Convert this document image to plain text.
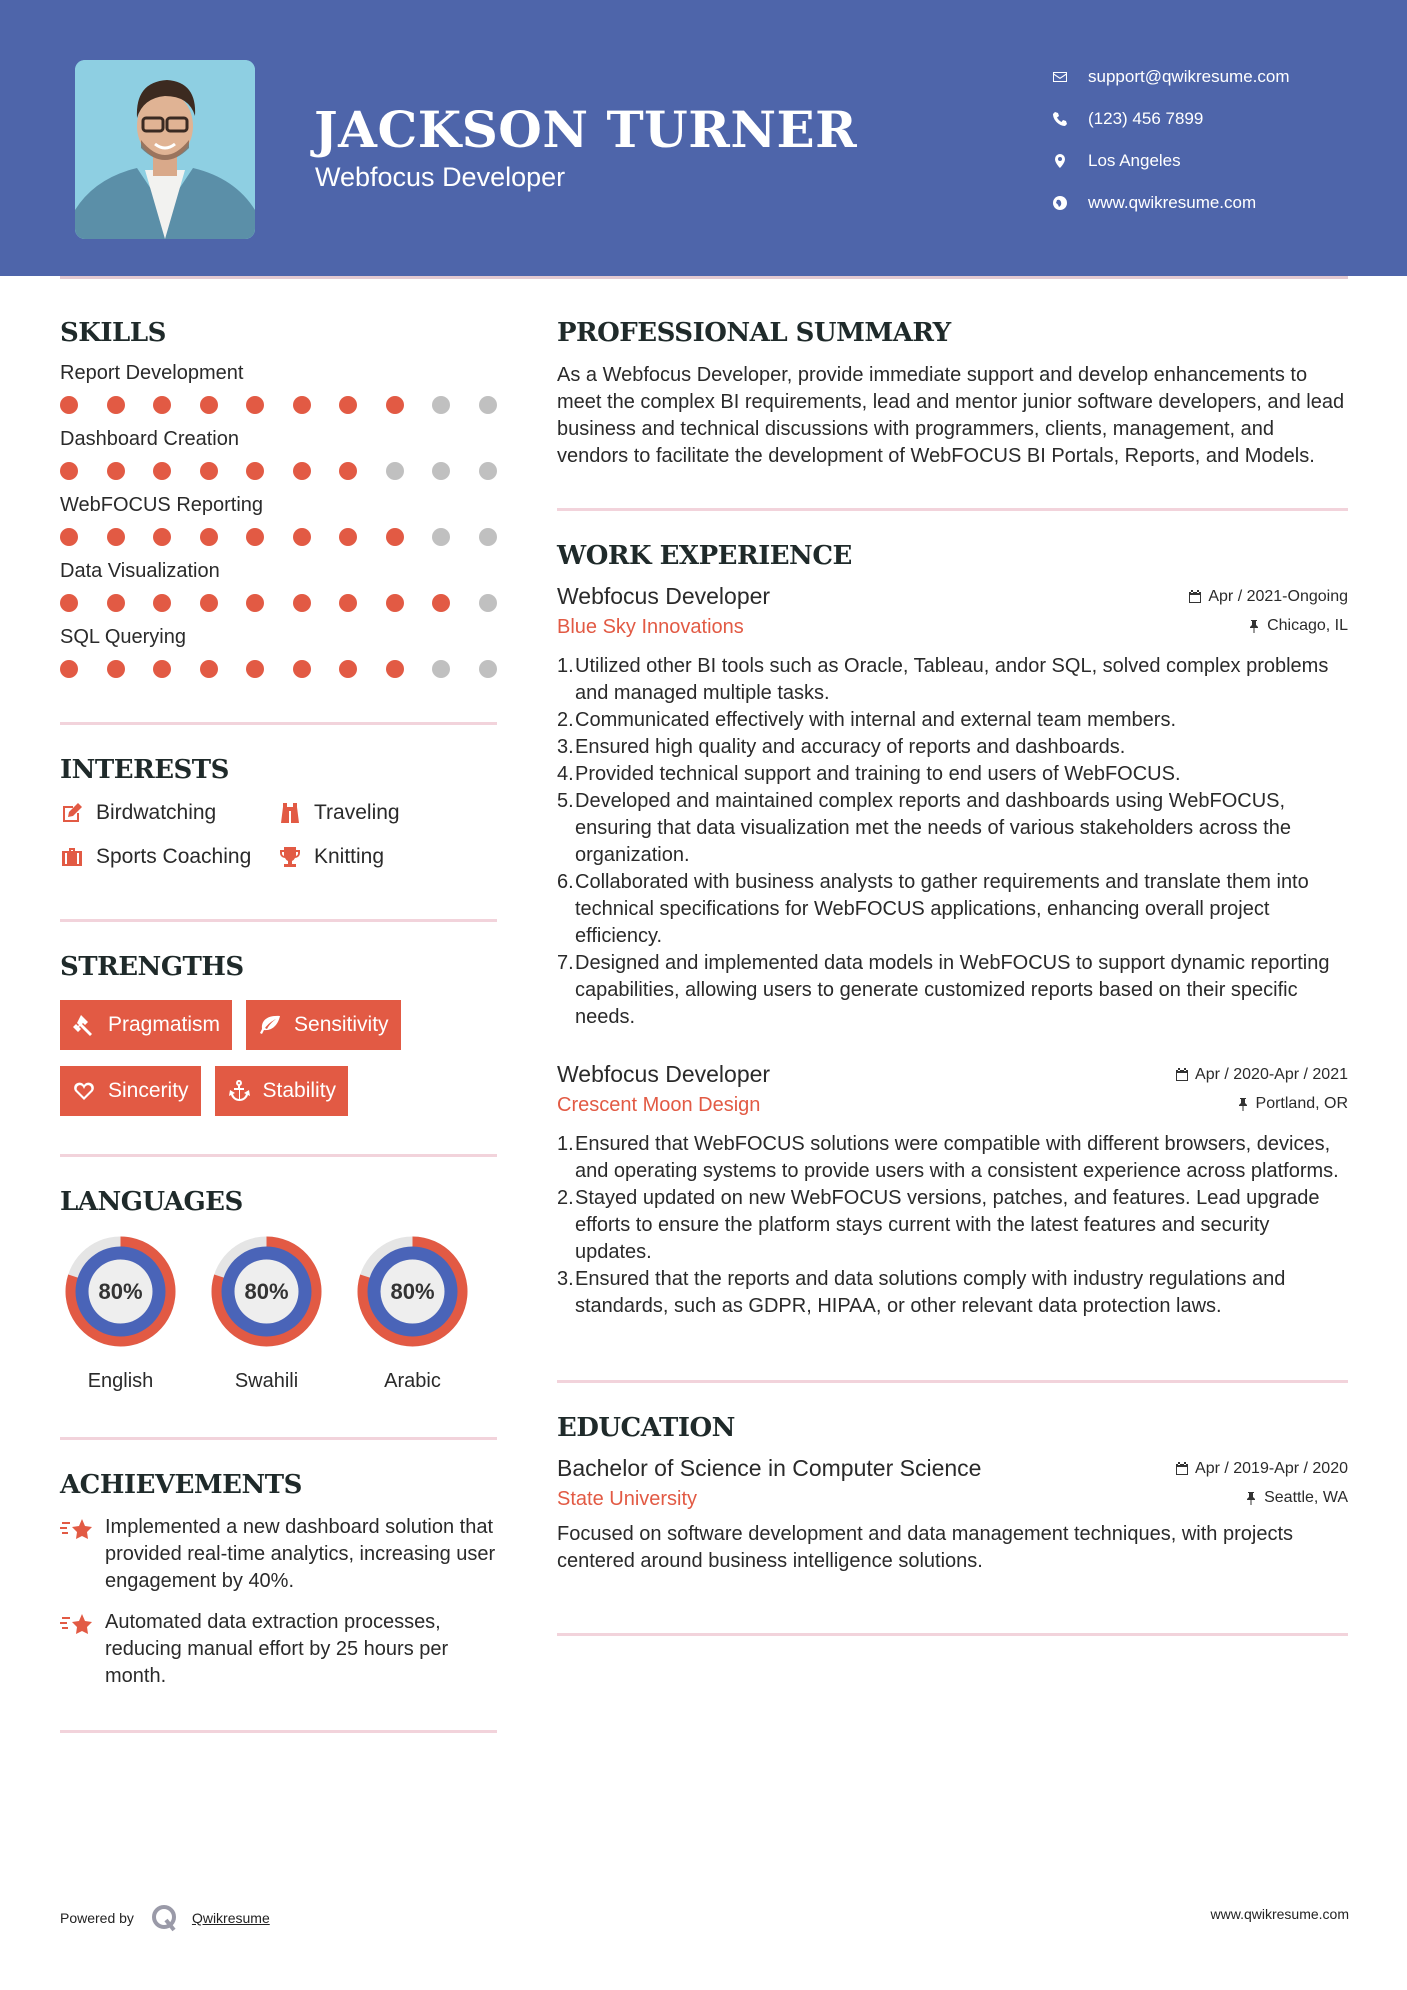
JACKSON TURNER
Webfocus Developer
support@qwikresume.com
(123) 456 7899
Los Angeles
www.qwikresume.com
SKILLS
Report Development
Dashboard Creation
WebFOCUS Reporting
Data Visualization
SQL Querying
INTERESTS
Birdwatching	Traveling
Sports Coaching	Knitting
STRENGTHS
Pragmatism	Sensitivity
Sincerity	Stability
LANGUAGES
80%
English
80%
Swahili
80%
Arabic
ACHIEVEMENTS
Implemented a new dashboard solution that provided real-time analytics, increasing user engagement by 40%.
Automated data extraction processes, reducing manual effort by 25 hours per month.
PROFESSIONAL SUMMARY

As a Webfocus Developer, provide immediate support and develop enhancements to meet the complex BI requirements, lead and mentor junior software developers, and lead business and technical discussions with programmers, clients, management, and vendors to facilitate the development of WebFOCUS BI Portals, Reports, and Models.

WORK EXPERIENCE
Webfocus Developer	Apr / 2021-Ongoing
Blue Sky Innovations	Chicago, IL
Utilized other BI tools such as Oracle, Tableau, andor SQL, solved complex problems and managed multiple tasks.
Communicated effectively with internal and external team members.
Ensured high quality and accuracy of reports and dashboards.
Provided technical support and training to end users of WebFOCUS.
Developed and maintained complex reports and dashboards using WebFOCUS, ensuring that data visualization met the needs of various stakeholders across the organization.
Collaborated with business analysts to gather requirements and translate them into technical specifications for WebFOCUS applications, enhancing overall project efficiency.
Designed and implemented data models in WebFOCUS to support dynamic reporting capabilities, allowing users to generate customized reports based on their specific needs.
Webfocus Developer	Apr / 2020-Apr / 2021
Crescent Moon Design	Portland, OR
Ensured that WebFOCUS solutions were compatible with different browsers, devices, and operating systems to provide users with a consistent experience across platforms.
Stayed updated on new WebFOCUS versions, patches, and features. Lead upgrade efforts to ensure the platform stays current with the latest features and security updates.
Ensured that the reports and data solutions comply with industry regulations and standards, such as GDPR, HIPAA, or other relevant data protection laws.
EDUCATION
Bachelor of Science in Computer Science	Apr / 2019-Apr / 2020
State University	Seattle, WA

Focused on software development and data management techniques, with projects centered around business intelligence solutions.

Powered by	Qwikresume	www.qwikresume.com
